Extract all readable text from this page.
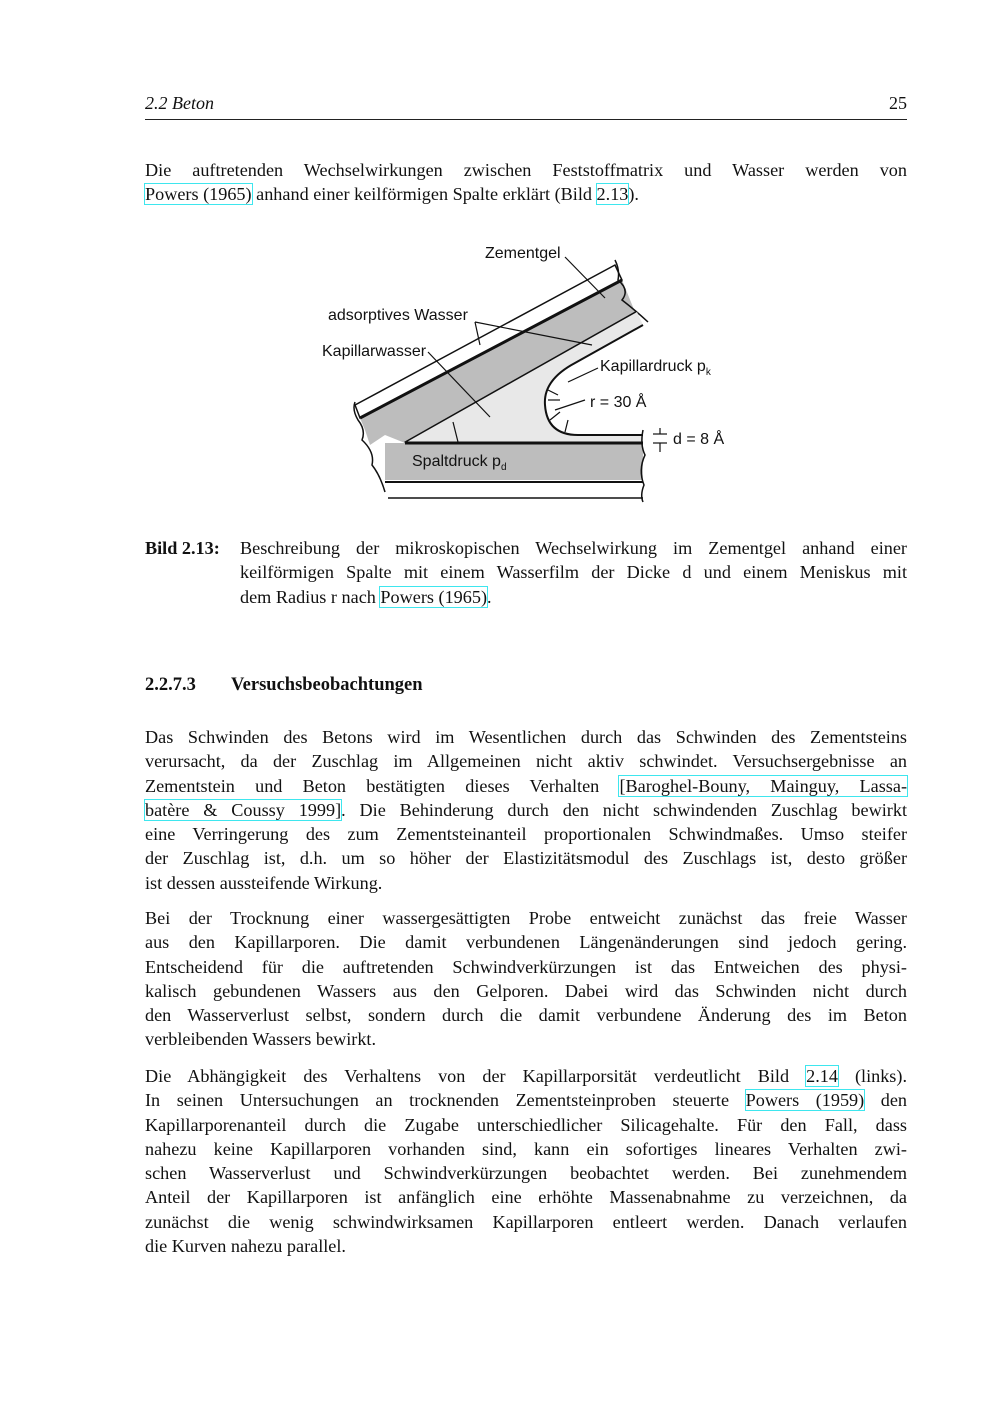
2.2 Beton	25
Die auftretenden Wechselwirkungen zwischen Feststoffmatrix und Wasser werden von
Powers (1965) anhand einer keilförmigen Spalte erklärt (Bild 2.13).
Zementgel
adsorptives Wasser
Kapillarwasser
Kapillardruck $p_k$
r = 30 Å
d = 8 Å
Spaltdruck $p_d$
Bild 2.13: Beschreibung der mikroskopischen Wechselwirkung im Zementgel anhand einer
keilförmigen Spalte mit einem Wasserfilm der Dicke d und einem Meniskus mit
dem Radius r nach Powers (1965).
2.2.7.3 Versuchsbeobachtungen
Das Schwinden des Betons wird im Wesentlichen durch das Schwinden des Zementsteins
verursacht, da der Zuschlag im Allgemeinen nicht aktiv schwindet. Versuchsergebnisse an
Zementstein und Beton bestätigten dieses Verhalten [Baroghel-Bouny, Mainguy, Lassa-
batère & Coussy 1999]. Die Behinderung durch den nicht schwindenden Zuschlag bewirkt
eine Verringerung des zum Zementsteinanteil proportionalen Schwindmaßes. Umso steifer
der Zuschlag ist, d.h. um so höher der Elastizitätsmodul des Zuschlags ist, desto größer
ist dessen aussteifende Wirkung.
Bei der Trocknung einer wassergesättigten Probe entweicht zunächst das freie Wasser
aus den Kapillarporen. Die damit verbundenen Längenänderungen sind jedoch gering.
Entscheidend für die auftretenden Schwindverkürzungen ist das Entweichen des physi-
kalisch gebundenen Wassers aus den Gelporen. Dabei wird das Schwinden nicht durch
den Wasserverlust selbst, sondern durch die damit verbundene Änderung des im Beton
verbleibenden Wassers bewirkt.
Die Abhängigkeit des Verhaltens von der Kapillarporsität verdeutlicht Bild 2.14 (links).
In seinen Untersuchungen an trocknenden Zementsteinproben steuerte Powers (1959) den
Kapillarporenanteil durch die Zugabe unterschiedlicher Silicagehalte. Für den Fall, dass
nahezu keine Kapillarporen vorhanden sind, kann ein sofortiges lineares Verhalten zwi-
schen Wasserverlust und Schwindverkürzungen beobachtet werden. Bei zunehmendem
Anteil der Kapillarporen ist anfänglich eine erhöhte Massenabnahme zu verzeichnen, da
zunächst die wenig schwindwirksamen Kapillarporen entleert werden. Danach verlaufen
die Kurven nahezu parallel.
